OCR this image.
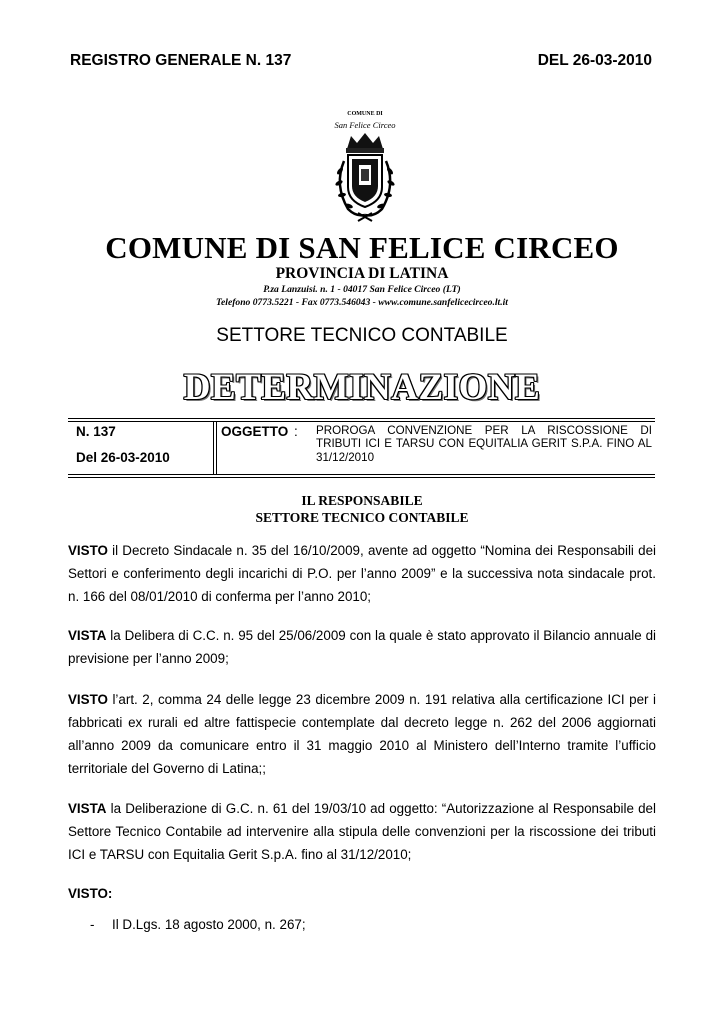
REGISTRO GENERALE N. 137	DEL 26-03-2010
COMUNE DI
San Felice Circeo
COMUNE DI SAN FELICE CIRCEO
PROVINCIA DI LATINA
P.za Lanzuisi. n. 1 - 04017 San Felice Circeo (LT)
Telefono 0773.5221 - Fax 0773.546043 - www.comune.sanfelicecirceo.lt.it
SETTORE TECNICO CONTABILE
DETERMINAZIONE
N. 137
Del 26-03-2010
OGGETTO : PROROGA CONVENZIONE PER LA RISCOSSIONE DI TRIBUTI ICI E TARSU CON EQUITALIA GERIT S.P.A. FINO AL 31/12/2010
IL RESPONSABILE
SETTORE TECNICO CONTABILE
VISTO il Decreto Sindacale n. 35 del 16/10/2009, avente ad oggetto “Nomina dei Responsabili dei Settori e conferimento degli incarichi di P.O. per l’anno 2009” e la successiva nota sindacale prot. n. 166 del 08/01/2010 di conferma per l’anno 2010;
VISTA la Delibera di C.C. n. 95 del 25/06/2009 con la quale è stato approvato il Bilancio annuale di previsione per l’anno 2009;
VISTO l’art. 2, comma 24 delle legge 23 dicembre 2009 n. 191 relativa alla certificazione ICI per i fabbricati ex rurali ed altre fattispecie contemplate dal decreto legge n. 262 del 2006 aggiornati all’anno 2009 da comunicare entro il 31 maggio 2010 al Ministero dell’Interno tramite l’ufficio territoriale del Governo di Latina;;
VISTA la Deliberazione di G.C. n. 61 del 19/03/10 ad oggetto: “Autorizzazione al Responsabile del Settore Tecnico Contabile ad intervenire alla stipula delle convenzioni per la riscossione dei tributi ICI e TARSU con Equitalia Gerit S.p.A. fino al 31/12/2010;
VISTO:
- Il D.Lgs. 18 agosto 2000, n. 267;
